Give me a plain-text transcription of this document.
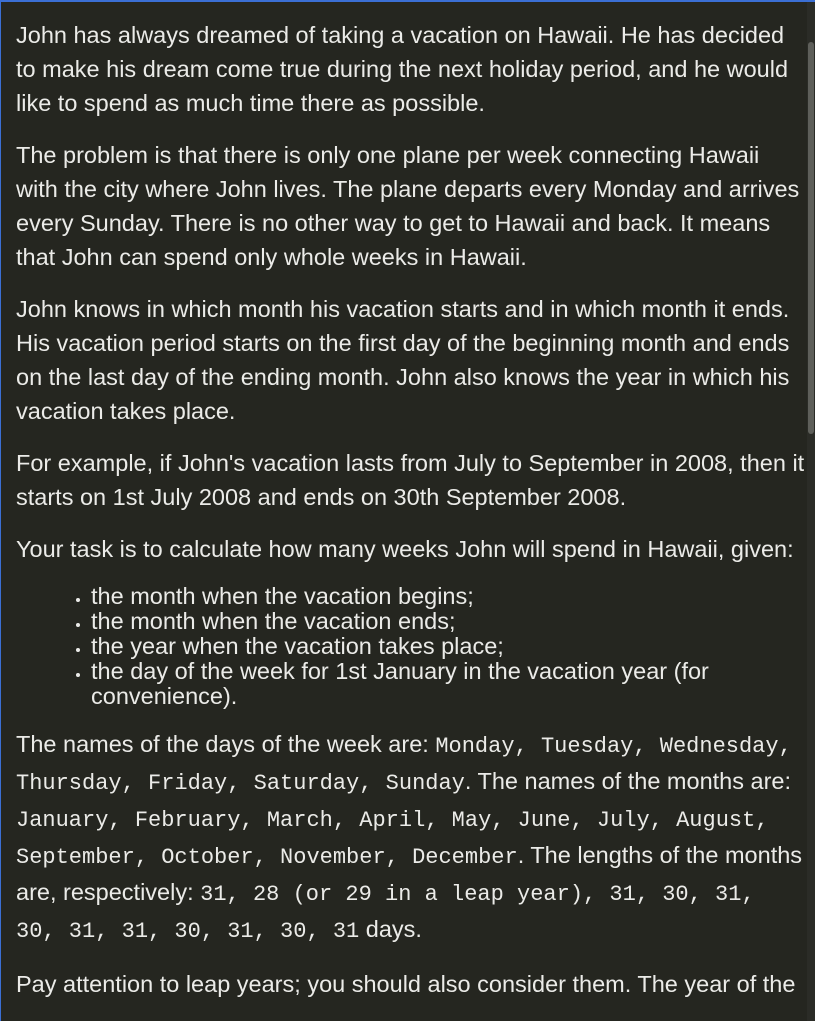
John has always dreamed of taking a vacation on Hawaii. He has decided to make his dream come true during the next holiday period, and he would like to spend as much time there as possible.

The problem is that there is only one plane per week connecting Hawaii with the city where John lives. The plane departs every Monday and arrives every Sunday. There is no other way to get to Hawaii and back. It means that John can spend only whole weeks in Hawaii.

John knows in which month his vacation starts and in which month it ends. His vacation period starts on the first day of the beginning month and ends on the last day of the ending month. John also knows the year in which his vacation takes place.

For example, if John's vacation lasts from July to September in 2008, then it starts on 1st July 2008 and ends on 30th September 2008.

Your task is to calculate how many weeks John will spend in Hawaii, given:

• the month when the vacation begins;
• the month when the vacation ends;
• the year when the vacation takes place;
• the day of the week for 1st January in the vacation year (for convenience).

The names of the days of the week are: Monday, Tuesday, Wednesday, Thursday, Friday, Saturday, Sunday. The names of the months are: January, February, March, April, May, June, July, August, September, October, November, December. The lengths of the months are, respectively: 31, 28 (or 29 in a leap year), 31, 30, 31, 30, 31, 31, 30, 31, 30, 31 days.

Pay attention to leap years; you should also consider them. The year of the
